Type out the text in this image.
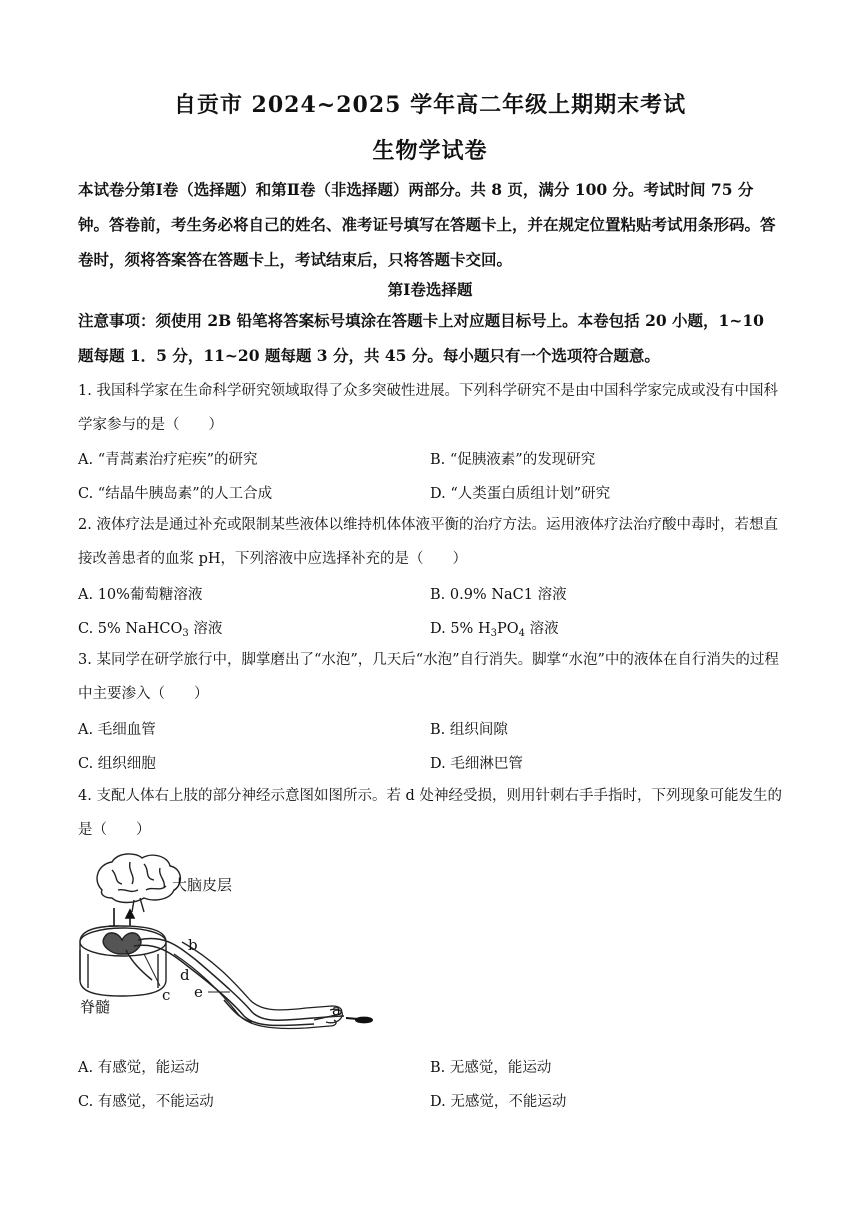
自贡市 2024~2025 学年高二年级上期期末考试
生物学试卷
本试卷分第Ⅰ卷（选择题）和第Ⅱ卷（非选择题）两部分。共 8 页，满分 100 分。考试时间 75 分钟。答卷前，考生务必将自己的姓名、准考证号填写在答题卡上，并在规定位置粘贴考试用条形码。答卷时，须将答案答在答题卡上，考试结束后，只将答题卡交回。
第Ⅰ卷选择题
注意事项：须使用 2B 铅笔将答案标号填涂在答题卡上对应题目标号上。本卷包括 20 小题，1~10 题每题 1．5 分，11~20 题每题 3 分，共 45 分。每小题只有一个选项符合题意。
1. 我国科学家在生命科学研究领域取得了众多突破性进展。下列科学研究不是由中国科学家完成或没有中国科学家参与的是（　　）
A. “青蒿素治疗疟疾”的研究	B. “促胰液素”的发现研究
C. “结晶牛胰岛素”的人工合成	D. “人类蛋白质组计划”研究
2. 液体疗法是通过补充或限制某些液体以维持机体体液平衡的治疗方法。运用液体疗法治疗酸中毒时，若想直接改善患者的血浆 pH，下列溶液中应选择补充的是（　　）
A. 10%葡萄糖溶液	B. 0.9% NaC1 溶液
C. 5% NaHCO$_3$ 溶液	D. 5% $H_3PO_4$ 溶液
3. 某同学在研学旅行中，脚掌磨出了“水泡”，几天后“水泡”自行消失。脚掌“水泡”中的液体在自行消失的过程中主要渗入（　　）
A. 毛细血管	B. 组织间隙
C. 组织细胞	D. 毛细淋巴管
4. 支配人体右上肢的部分神经示意图如图所示。若 d 处神经受损，则用针刺右手手指时，下列现象可能发生的是（　　）
大脑皮层
b
d
e
c
a
脊髓
A. 有感觉，能运动	B. 无感觉，能运动
C. 有感觉，不能运动	D. 无感觉，不能运动
